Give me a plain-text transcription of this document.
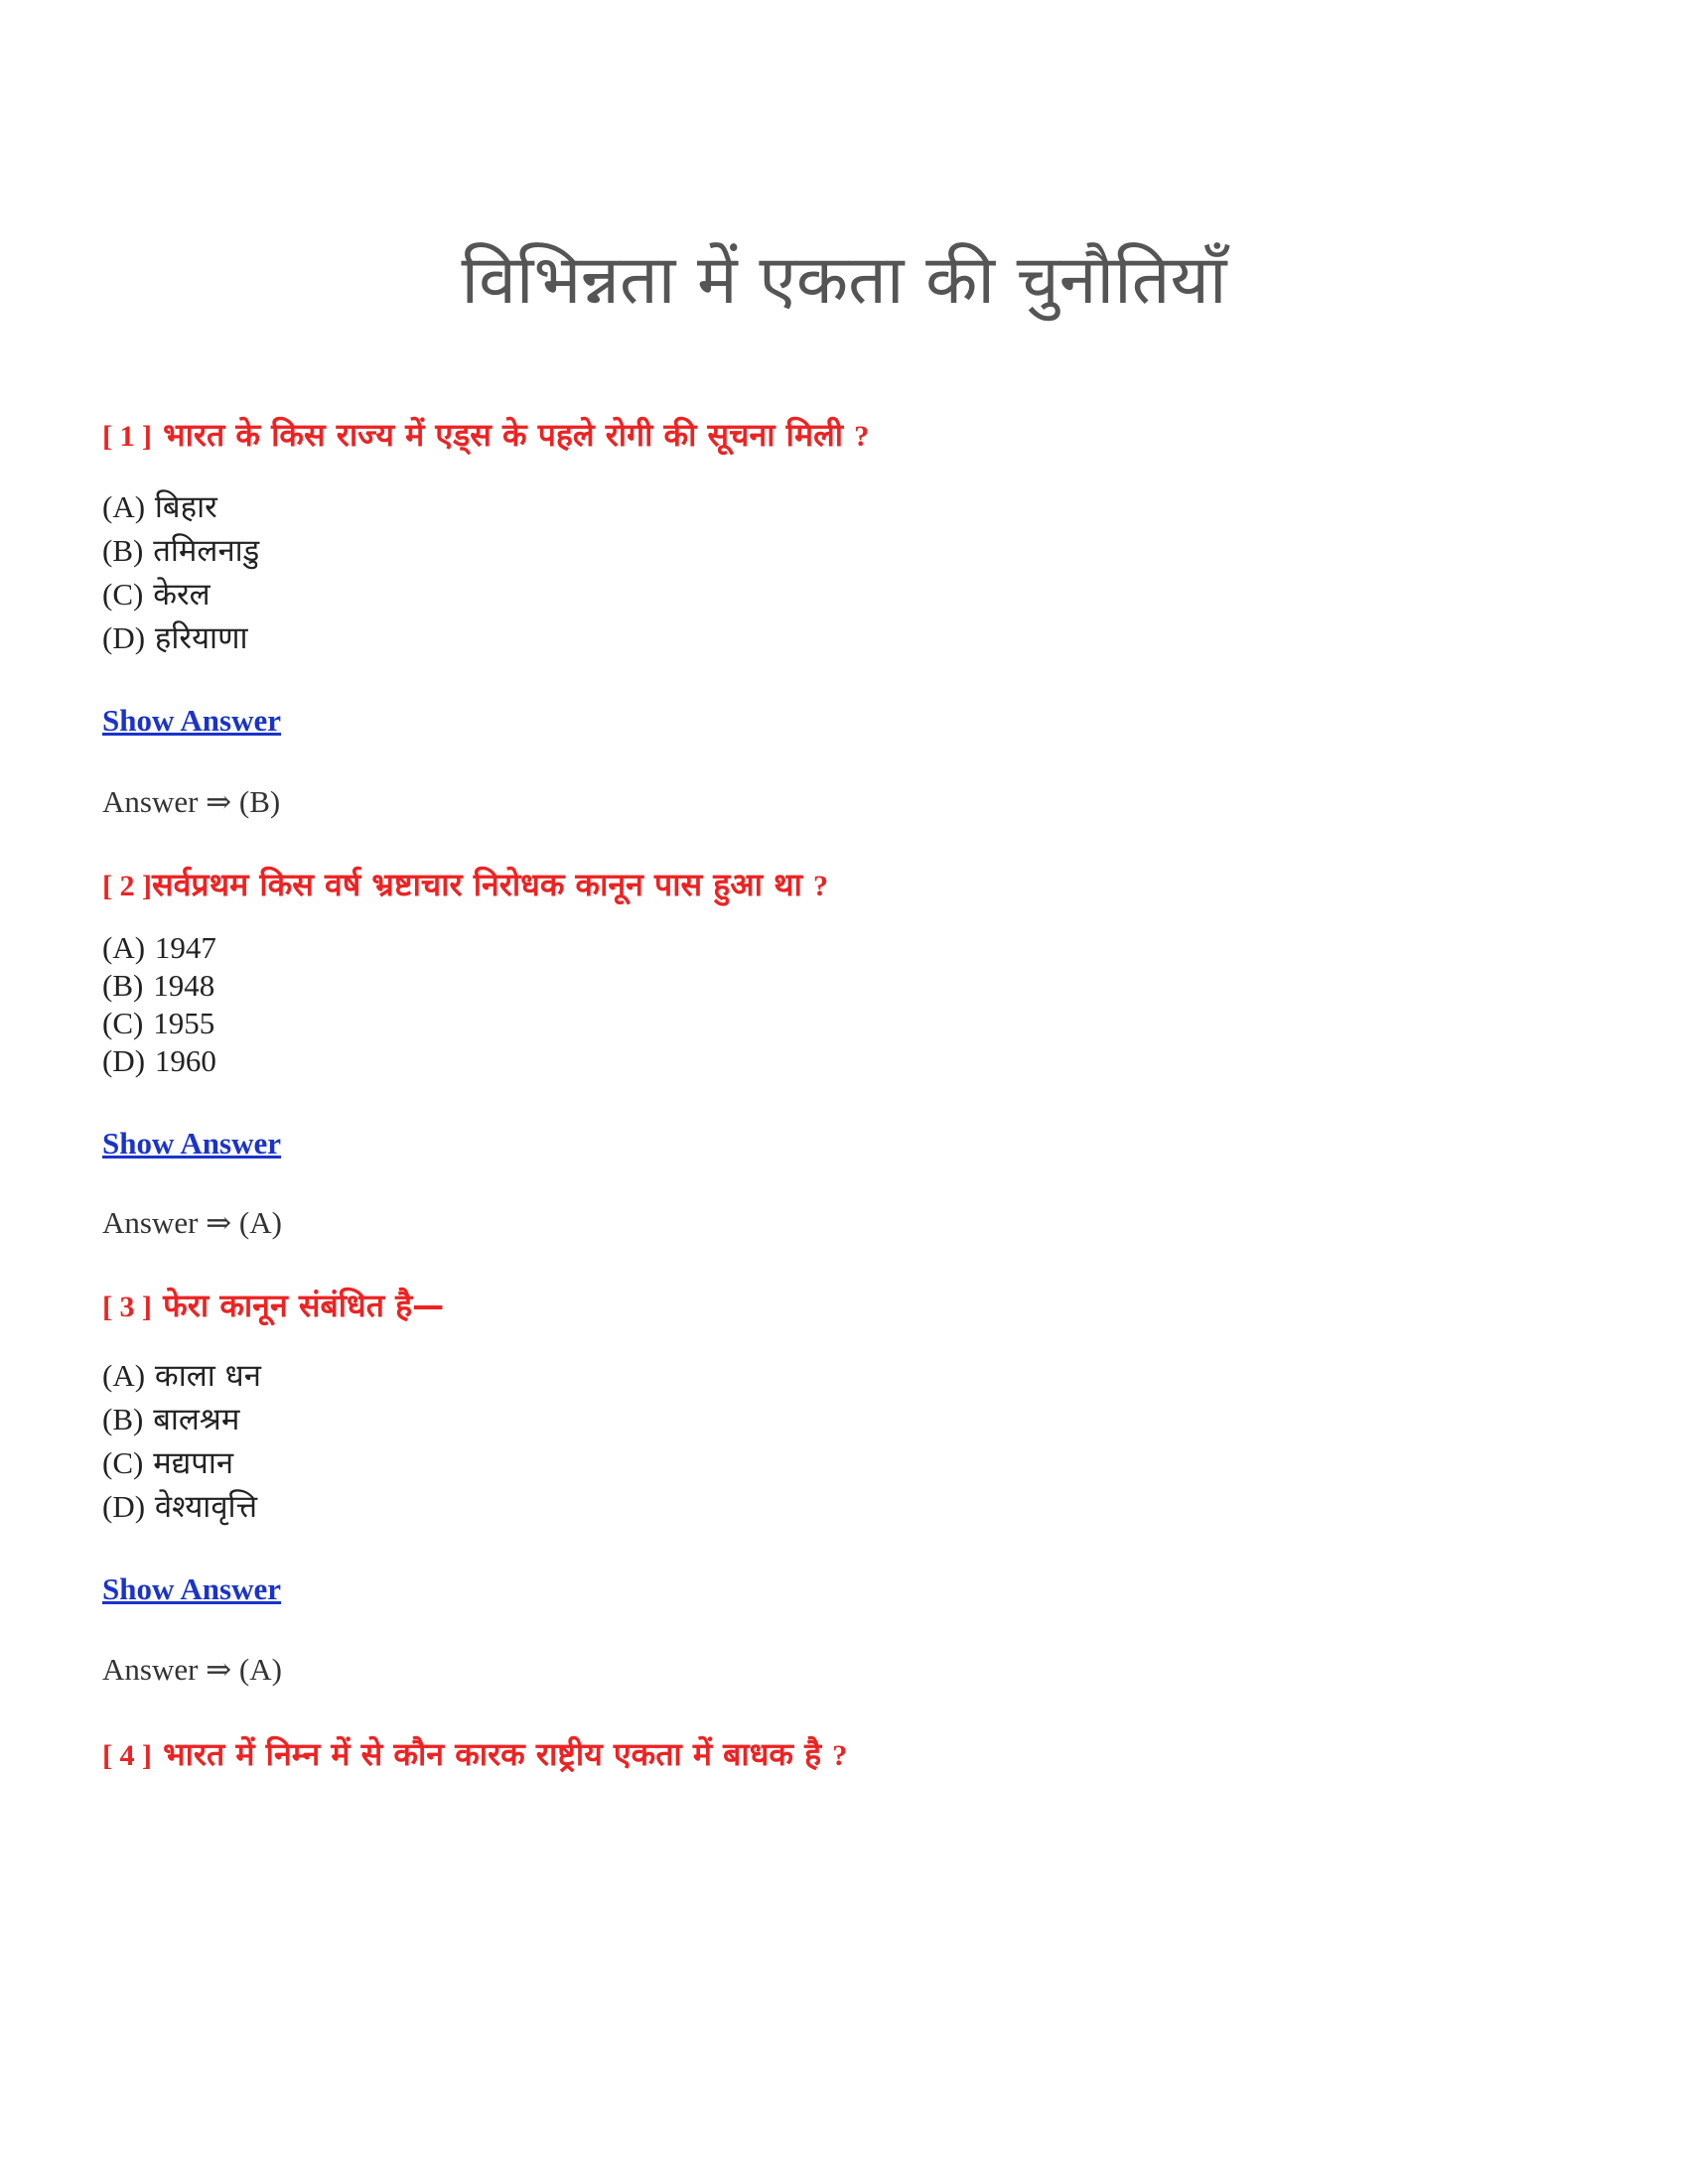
विभिन्नता में एकता की चुनौतियाँ
[ 1 ] भारत के किस राज्य में एड्स के पहले रोगी की सूचना मिली ?
(A) बिहार
(B) तमिलनाडु
(C) केरल
(D) हरियाणा
Show Answer
Answer ⇒ (B)
[ 2 ]सर्वप्रथम किस वर्ष भ्रष्टाचार निरोधक कानून पास हुआ था ?
(A) 1947
(B) 1948
(C) 1955
(D) 1960
Show Answer
Answer ⇒ (A)
[ 3 ] फेरा कानून संबंधित है—
(A) काला धन
(B) बालश्रम
(C) मद्यपान
(D) वेश्यावृत्ति
Show Answer
Answer ⇒ (A)
[ 4 ] भारत में निम्न में से कौन कारक राष्ट्रीय एकता में बाधक है ?
